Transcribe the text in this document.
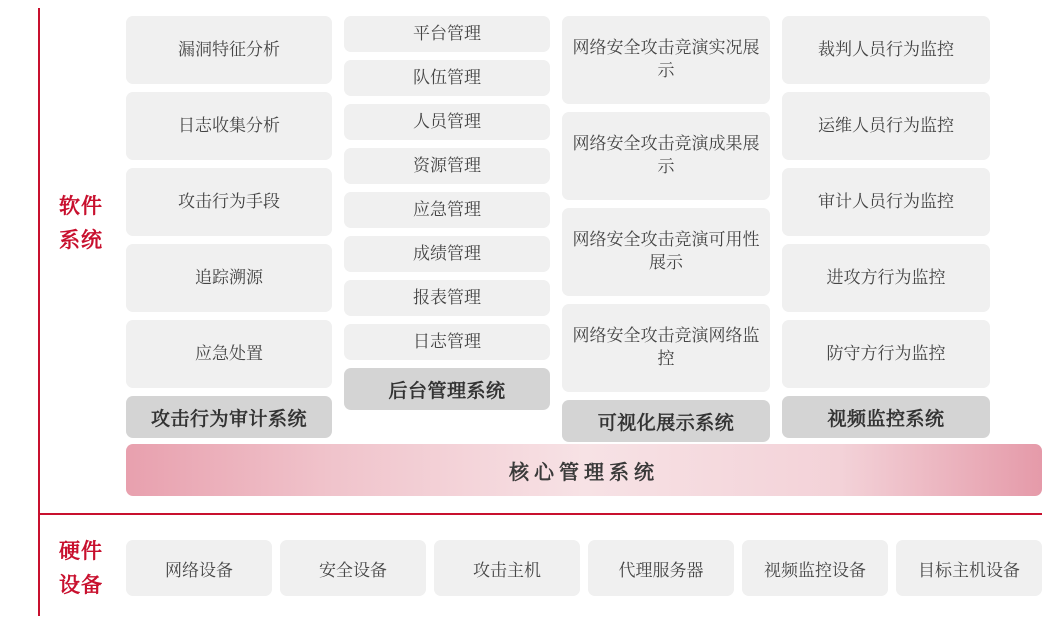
软件
系统
硬件
设备
漏洞特征分析
日志收集分析
攻击行为手段
追踪溯源
应急处置
攻击行为审计系统
平台管理
队伍管理
人员管理
资源管理
应急管理
成绩管理
报表管理
日志管理
后台管理系统
网络安全攻击竞演实况展示
网络安全攻击竞演成果展示
网络安全攻击竞演可用性展示
网络安全攻击竞演网络监控
可视化展示系统
裁判人员行为监控
运维人员行为监控
审计人员行为监控
进攻方行为监控
防守方行为监控
视频监控系统
核心管理系统
网络设备	安全设备	攻击主机	代理服务器	视频监控设备	目标主机设备
